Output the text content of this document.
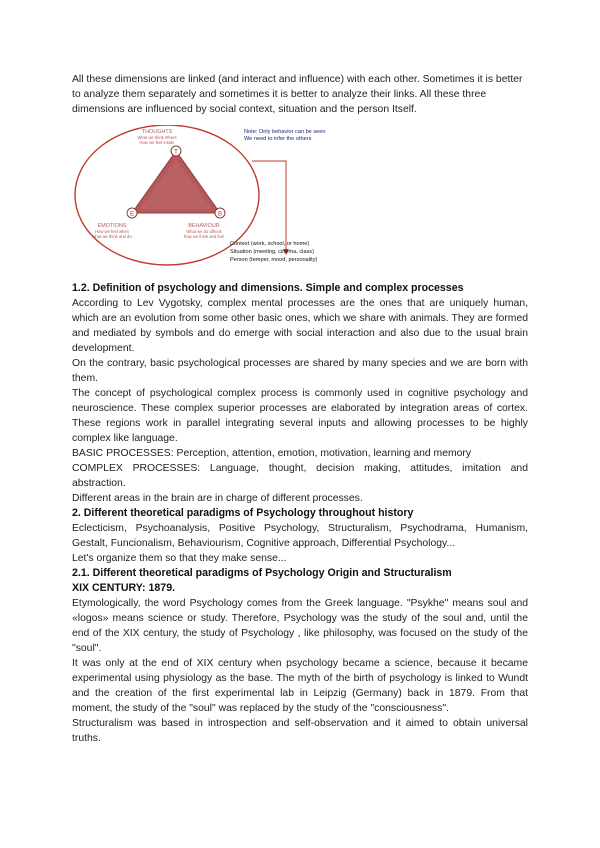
All these dimensions are linked (and interact and influence) with each other. Sometimes it is better to analyze them separately and sometimes it is better to analyze their links. All these three dimensions are influenced by social context, situation and the person Itself.

T
E	B
THOUGHTS
What we think others
How we feel inside
EMOTIONS
How we feel when
what we think and do
BEHAVIOUR
What we do affects
how we think and feel
Note: Only behavior can be seen
We need to infer the others
Context (work, school, or home)
Situation (meeting, cinema, class)
Person (temper, mood, personality)

1.2. Definition of psychology and dimensions. Simple and complex processes

According to Lev Vygotsky, complex mental processes are the ones that are uniquely human, which are an evolution from some other basic ones, which we share with animals. They are formed and mediated by symbols and do emerge with social interaction and also due to the usual brain development.

On the contrary, basic psychological processes are shared by many species and we are born with them.

The concept of psychological complex process is commonly used in cognitive psychology and neuroscience. These complex superior processes are elaborated by integration areas of cortex. These regions work in parallel integrating several inputs and allowing processes to be highly complex like language.

BASIC PROCESSES: Perception, attention, emotion, motivation, learning and memory

COMPLEX PROCESSES: Language, thought, decision making, attitudes, imitation and abstraction.

Different areas in the brain are in charge of different processes.

2. Different theoretical paradigms of Psychology throughout history

Eclecticism, Psychoanalysis, Positive Psychology, Structuralism, Psychodrama, Humanism, Gestalt, Funcionalism, Behaviourism, Cognitive approach, Differential Psychology...

Let's organize them so that they make sense...

2.1. Different theoretical paradigms of Psychology Origin and Structuralism

XIX CENTURY: 1879.

Etymologically, the word Psychology comes from the Greek language. "Psykhe" means soul and «logos» means science or study. Therefore, Psychology was the study of the soul and, until the end of the XIX century, the study of Psychology , like philosophy, was focused on the study of the "soul".

It was only at the end of XIX century when psychology became a science, because it became experimental using physiology as the base. The myth of the birth of psychology is linked to Wundt and the creation of the first experimental lab in Leipzig (Germany) back in 1879. From that moment, the study of the "soul" was replaced by the study of the "consciousness".

Structuralism was based in introspection and self-observation and it aimed to obtain universal truths.
